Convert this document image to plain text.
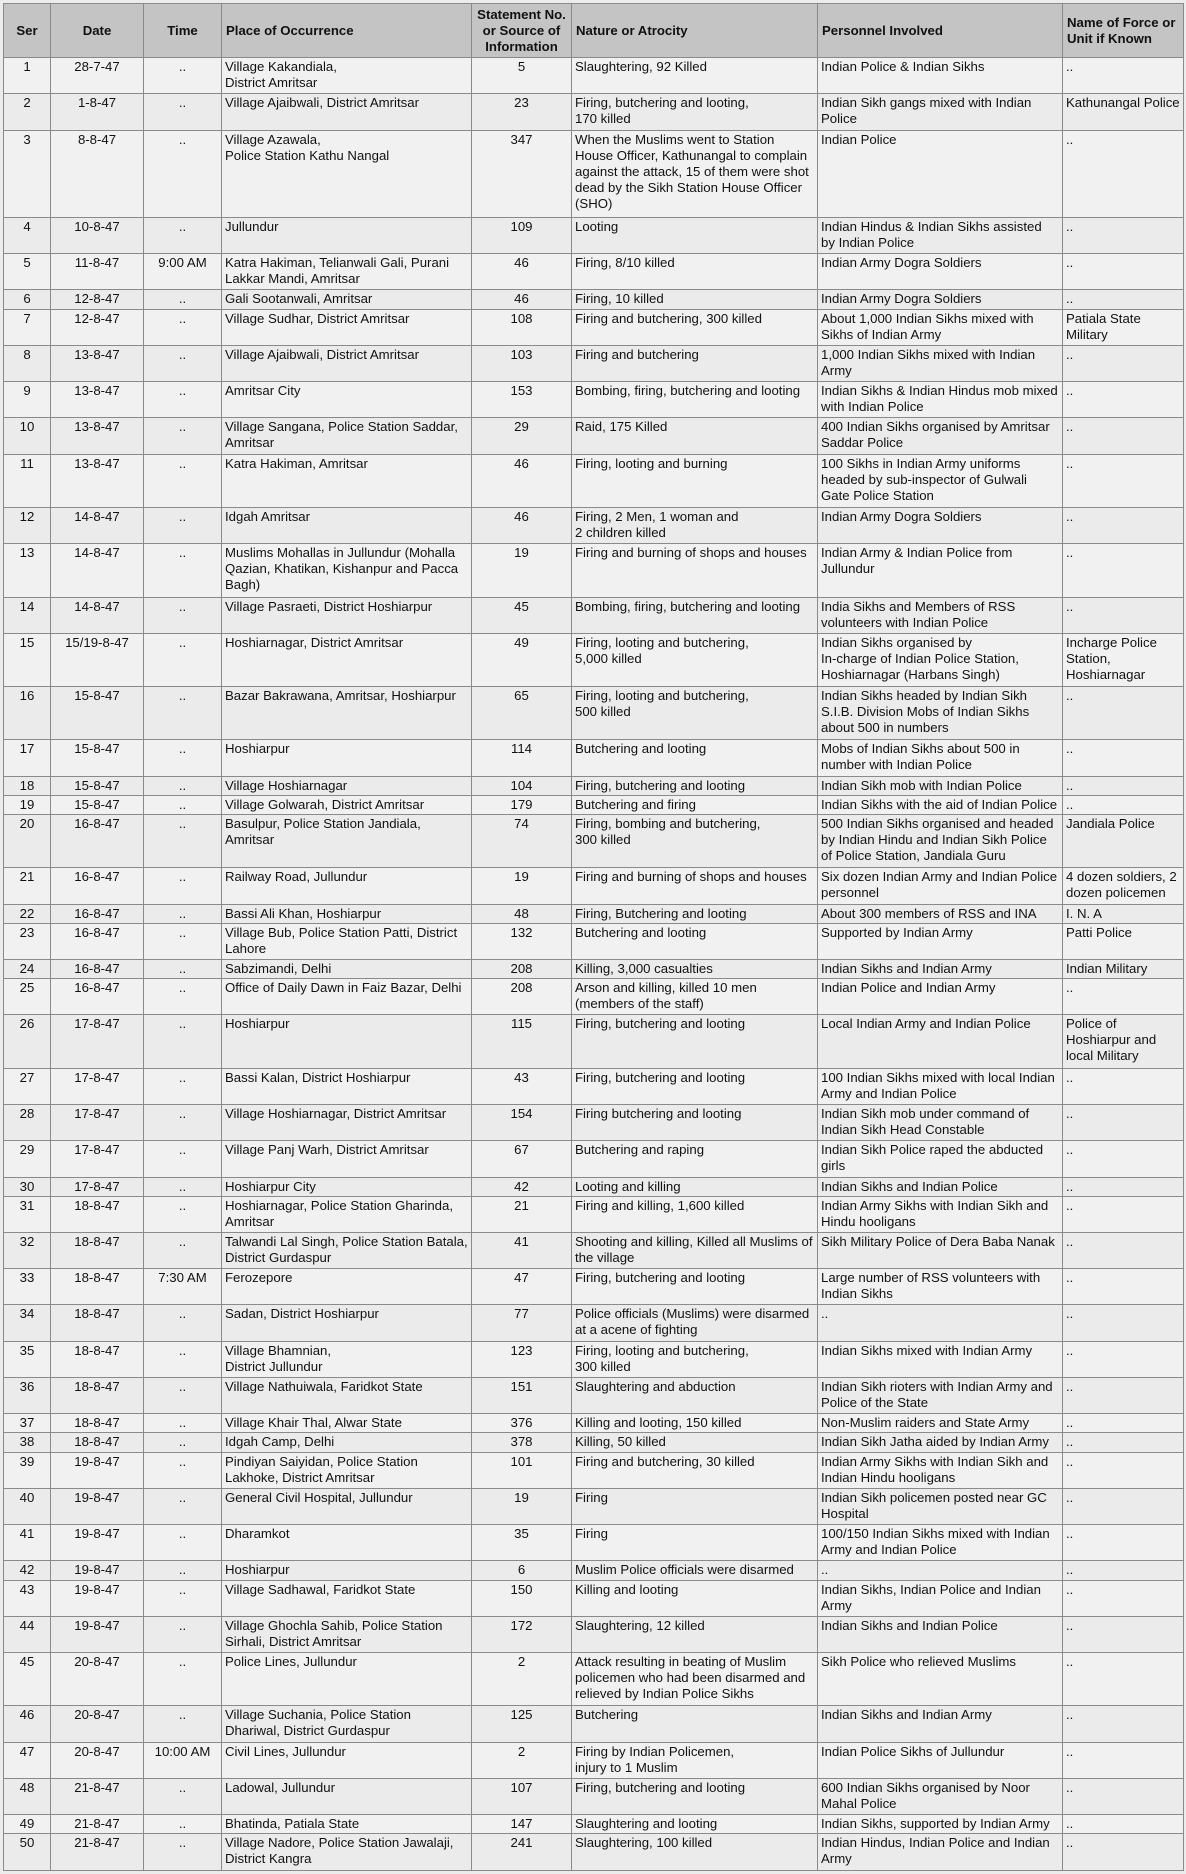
Ser	Date	Time	Place of Occurrence	Statement No. or Source of Information	Nature or Atrocity	Personnel Involved	Name of Force or Unit if Known
1	28-7-47	..	Village Kakandiala,
District Amritsar	5	Slaughtering, 92 Killed	Indian Police & Indian Sikhs	..
2	1-8-47	..	Village Ajaibwali, District Amritsar	23	Firing, butchering and looting,
170 killed	Indian Sikh gangs mixed with Indian Police	Kathunangal Police
3	8-8-47	..	Village Azawala,
Police Station Kathu Nangal	347	When the Muslims went to Station House Officer, Kathunangal to complain against the attack, 15 of them were shot dead by the Sikh Station House Officer (SHO)	Indian Police	..
4	10-8-47	..	Jullundur	109	Looting	Indian Hindus & Indian Sikhs assisted by Indian Police	..
5	11-8-47	9:00 AM	Katra Hakiman, Telianwali Gali, Purani Lakkar Mandi, Amritsar	46	Firing, 8/10 killed	Indian Army Dogra Soldiers	..
6	12-8-47	..	Gali Sootanwali, Amritsar	46	Firing, 10 killed	Indian Army Dogra Soldiers	..
7	12-8-47	..	Village Sudhar, District Amritsar	108	Firing and butchering, 300 killed	About 1,000 Indian Sikhs mixed with Sikhs of Indian Army	Patiala State Military
8	13-8-47	..	Village Ajaibwali, District Amritsar	103	Firing and butchering	1,000 Indian Sikhs mixed with Indian Army	..
9	13-8-47	..	Amritsar City	153	Bombing, firing, butchering and looting	Indian Sikhs & Indian Hindus mob mixed with Indian Police	..
10	13-8-47	..	Village Sangana, Police Station Saddar, Amritsar	29	Raid, 175 Killed	400 Indian Sikhs organised by Amritsar Saddar Police	..
11	13-8-47	..	Katra Hakiman, Amritsar	46	Firing, looting and burning	100 Sikhs in Indian Army uniforms headed by sub-inspector of Gulwali Gate Police Station	..
12	14-8-47	..	Idgah Amritsar	46	Firing, 2 Men, 1 woman and
2 children killed	Indian Army Dogra Soldiers	..
13	14-8-47	..	Muslims Mohallas in Jullundur (Mohalla Qazian, Khatikan, Kishanpur and Pacca Bagh)	19	Firing and burning of shops and houses	Indian Army & Indian Police from Jullundur	..
14	14-8-47	..	Village Pasraeti, District Hoshiarpur	45	Bombing, firing, butchering and looting	India Sikhs and Members of RSS volunteers with Indian Police	..
15	15/19-8-47	..	Hoshiarnagar, District Amritsar	49	Firing, looting and butchering,
5,000 killed	Indian Sikhs organised by
In-charge of Indian Police Station, Hoshiarnagar (Harbans Singh)	Incharge Police Station, Hoshiarnagar
16	15-8-47	..	Bazar Bakrawana, Amritsar, Hoshiarpur	65	Firing, looting and butchering,
500 killed	Indian Sikhs headed by Indian Sikh S.I.B. Division Mobs of Indian Sikhs about 500 in numbers	..
17	15-8-47	..	Hoshiarpur	114	Butchering and looting	Mobs of Indian Sikhs about 500 in number with Indian Police	..
18	15-8-47	..	Village Hoshiarnagar	104	Firing, butchering and looting	Indian Sikh mob with Indian Police	..
19	15-8-47	..	Village Golwarah, District Amritsar	179	Butchering and firing	Indian Sikhs with the aid of Indian Police	..
20	16-8-47	..	Basulpur, Police Station Jandiala, Amritsar	74	Firing, bombing and butchering,
300 killed	500 Indian Sikhs organised and headed by Indian Hindu and Indian Sikh Police of Police Station, Jandiala Guru	Jandiala Police
21	16-8-47	..	Railway Road, Jullundur	19	Firing and burning of shops and houses	Six dozen Indian Army and Indian Police personnel	4 dozen soldiers, 2 dozen policemen
22	16-8-47	..	Bassi Ali Khan, Hoshiarpur	48	Firing, Butchering and looting	About 300 members of RSS and INA	I. N. A
23	16-8-47	..	Village Bub, Police Station Patti, District Lahore	132	Butchering and looting	Supported by Indian Army	Patti Police
24	16-8-47	..	Sabzimandi, Delhi	208	Killing, 3,000 casualties	Indian Sikhs and Indian Army	Indian Military
25	16-8-47	..	Office of Daily Dawn in Faiz Bazar, Delhi	208	Arson and killing, killed 10 men (members of the staff)	Indian Police and Indian Army	..
26	17-8-47	..	Hoshiarpur	115	Firing, butchering and looting	Local Indian Army and Indian Police	Police of Hoshiarpur and local Military
27	17-8-47	..	Bassi Kalan, District Hoshiarpur	43	Firing, butchering and looting	100 Indian Sikhs mixed with local Indian Army and Indian Police	..
28	17-8-47	..	Village Hoshiarnagar, District Amritsar	154	Firing butchering and looting	Indian Sikh mob under command of Indian Sikh Head Constable	..
29	17-8-47	..	Village Panj Warh, District Amritsar	67	Butchering and raping	Indian Sikh Police raped the abducted girls	..
30	17-8-47	..	Hoshiarpur City	42	Looting and killing	Indian Sikhs and Indian Police	..
31	18-8-47	..	Hoshiarnagar, Police Station Gharinda, Amritsar	21	Firing and killing, 1,600 killed	Indian Army Sikhs with Indian Sikh and Hindu hooligans	..
32	18-8-47	..	Talwandi Lal Singh, Police Station Batala, District Gurdaspur	41	Shooting and killing, Killed all Muslims of the village	Sikh Military Police of Dera Baba Nanak	..
33	18-8-47	7:30 AM	Ferozepore	47	Firing, butchering and looting	Large number of RSS volunteers with Indian Sikhs	..
34	18-8-47	..	Sadan, District Hoshiarpur	77	Police officials (Muslims) were disarmed at a acene of fighting	..	..
35	18-8-47	..	Village Bhamnian,
District Jullundur	123	Firing, looting and butchering,
300 killed	Indian Sikhs mixed with Indian Army	..
36	18-8-47	..	Village Nathuiwala, Faridkot State	151	Slaughtering and abduction	Indian Sikh rioters with Indian Army and Police of the State	..
37	18-8-47	..	Village Khair Thal, Alwar State	376	Killing and looting, 150 killed	Non-Muslim raiders and State Army	..
38	18-8-47	..	Idgah Camp, Delhi	378	Killing, 50 killed	Indian Sikh Jatha aided by Indian Army	..
39	19-8-47	..	Pindiyan Saiyidan, Police Station Lakhoke, District Amritsar	101	Firing and butchering, 30 killed	Indian Army Sikhs with Indian Sikh and Indian Hindu hooligans	..
40	19-8-47	..	General Civil Hospital, Jullundur	19	Firing	Indian Sikh policemen posted near GC Hospital	..
41	19-8-47	..	Dharamkot	35	Firing	100/150 Indian Sikhs mixed with Indian Army and Indian Police	..
42	19-8-47	..	Hoshiarpur	6	Muslim Police officials were disarmed	..	..
43	19-8-47	..	Village Sadhawal, Faridkot State	150	Killing and looting	Indian Sikhs, Indian Police and Indian Army	..
44	19-8-47	..	Village Ghochla Sahib, Police Station Sirhali, District Amritsar	172	Slaughtering, 12 killed	Indian Sikhs and Indian Police	..
45	20-8-47	..	Police Lines, Jullundur	2	Attack resulting in beating of Muslim policemen who had been disarmed and relieved by Indian Police Sikhs	Sikh Police who relieved Muslims	..
46	20-8-47	..	Village Suchania, Police Station Dhariwal, District Gurdaspur	125	Butchering	Indian Sikhs and Indian Army	..
47	20-8-47	10:00 AM	Civil Lines, Jullundur	2	Firing by Indian Policemen,
injury to 1 Muslim	Indian Police Sikhs of Jullundur	..
48	21-8-47	..	Ladowal, Jullundur	107	Firing, butchering and looting	600 Indian Sikhs organised by Noor Mahal Police	..
49	21-8-47	..	Bhatinda, Patiala State	147	Slaughtering and looting	Indian Sikhs, supported by Indian Army	..
50	21-8-47	..	Village Nadore, Police Station Jawalaji, District Kangra	241	Slaughtering, 100 killed	Indian Hindus, Indian Police and Indian Army	..
